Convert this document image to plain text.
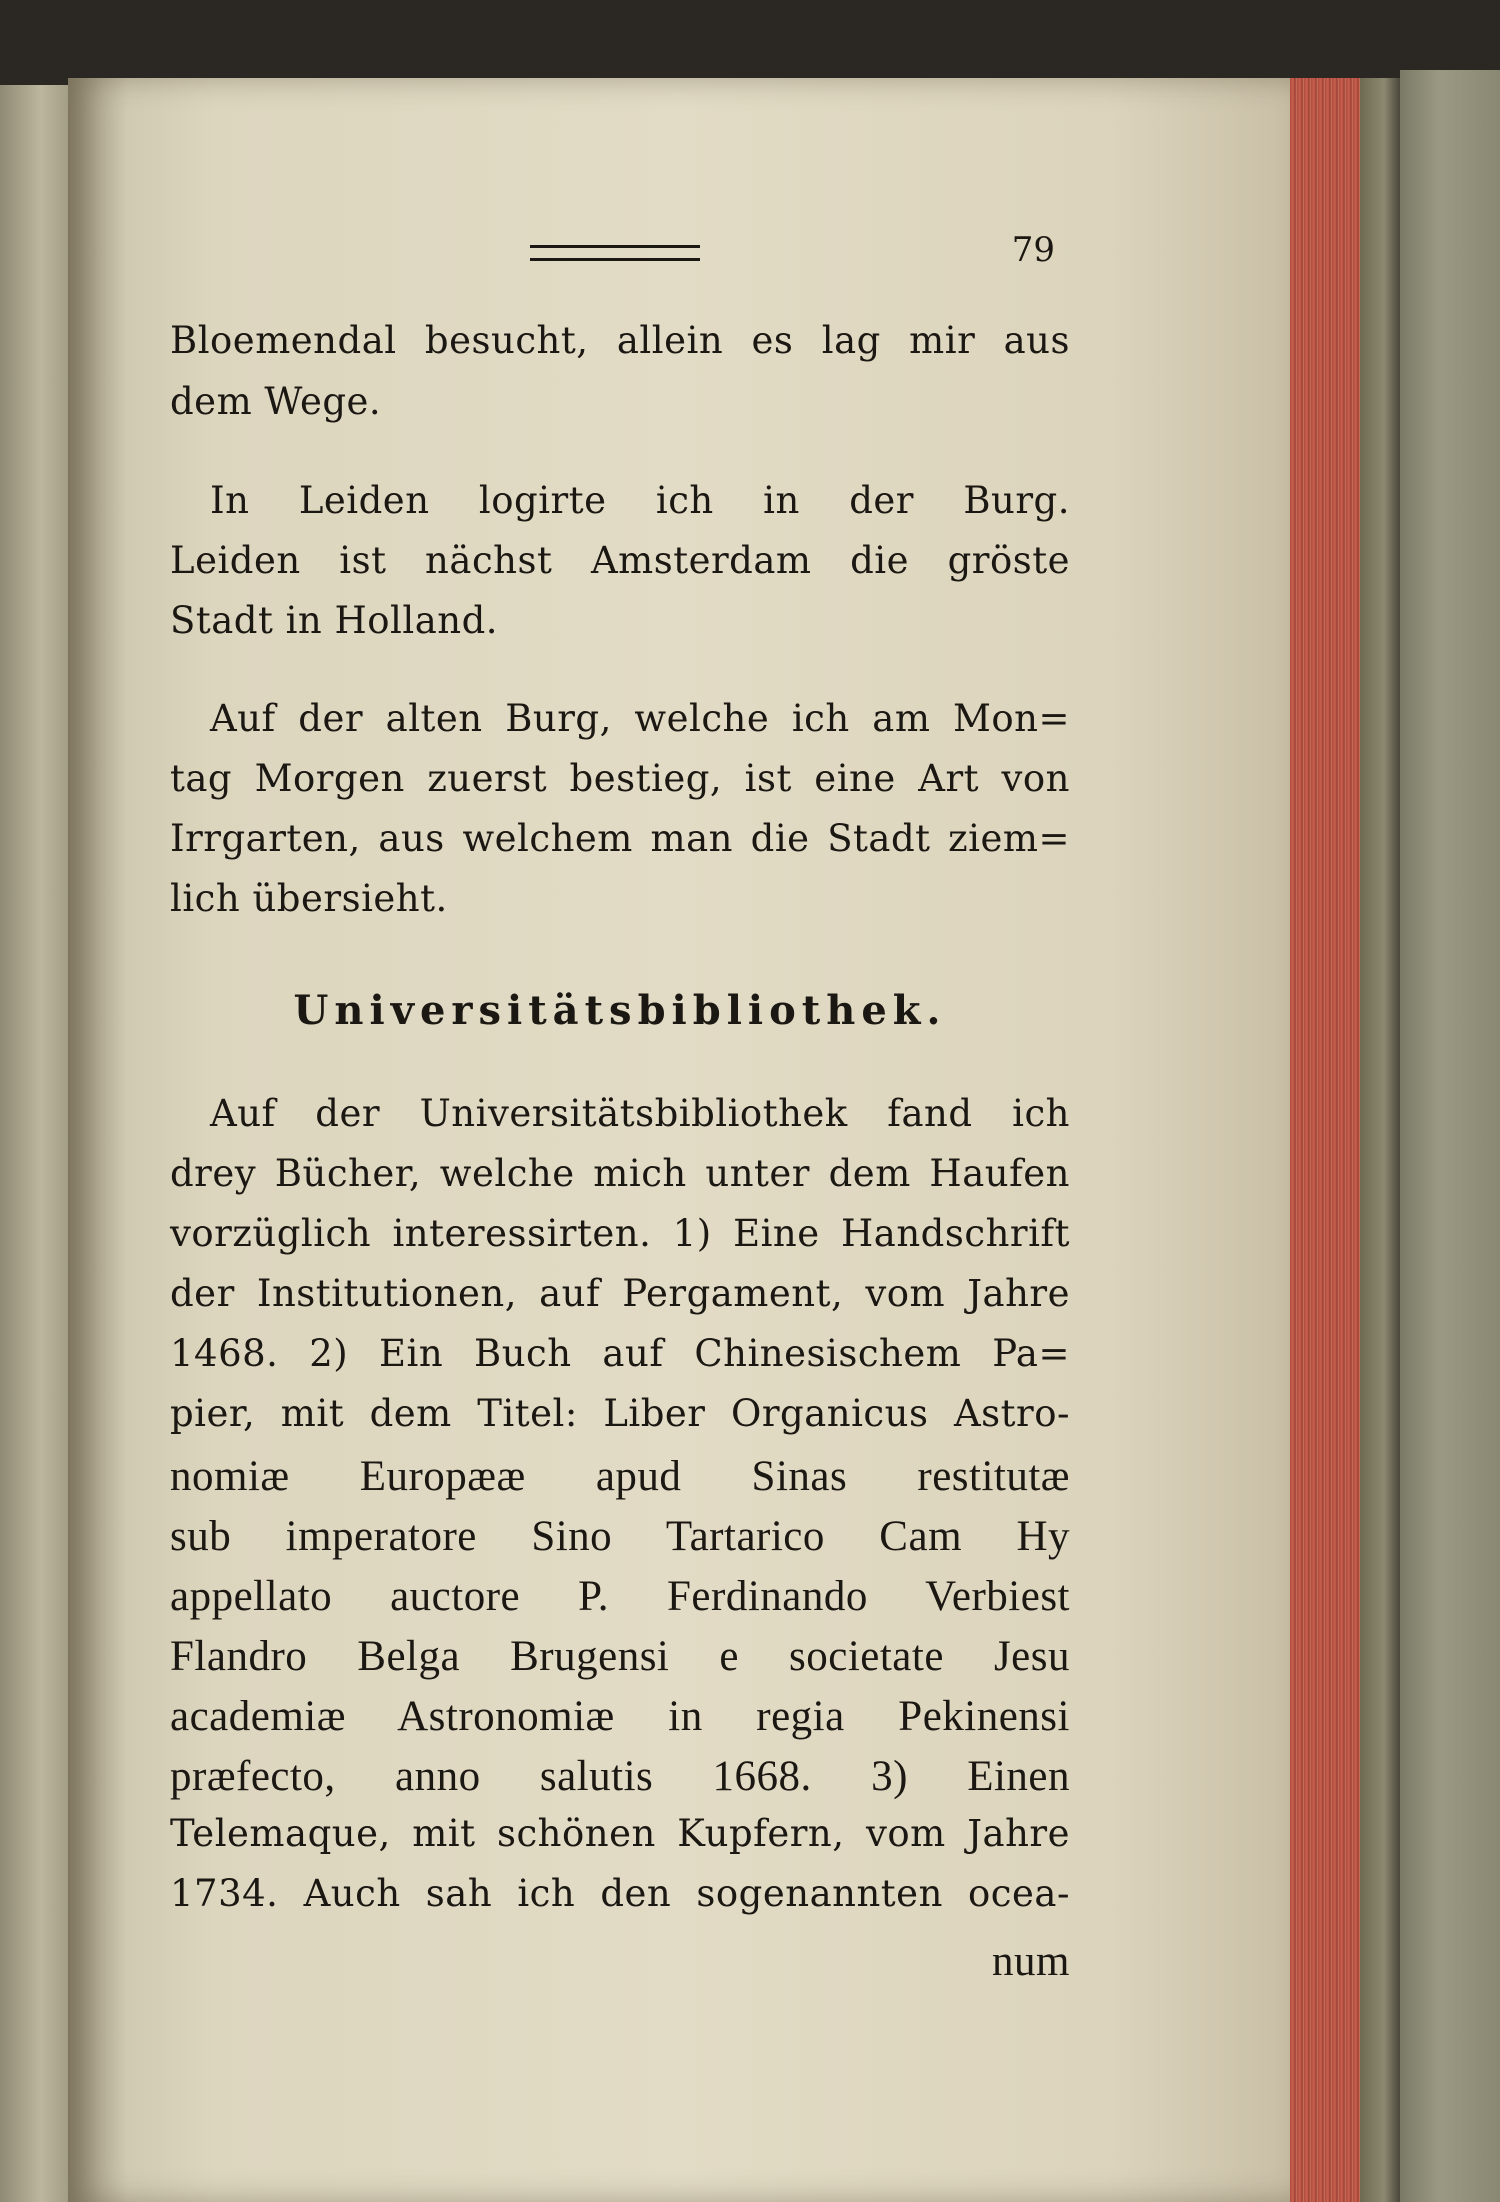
79
Bloemendal besucht, allein es lag mir aus
dem Wege.
In Leiden logirte ich in der Burg.
Leiden ist nächst Amsterdam die gröste
Stadt in Holland.
Auf der alten Burg, welche ich am Mon=
tag Morgen zuerst bestieg, ist eine Art von
Irrgarten, aus welchem man die Stadt ziem=
lich übersieht.
Universitätsbibliothek.
Auf der Universitätsbibliothek fand ich
drey Bücher, welche mich unter dem Haufen
vorzüglich interessirten. 1) Eine Handschrift
der Institutionen, auf Pergament, vom Jahre
1468. 2) Ein Buch auf Chinesischem Pa=
pier, mit dem Titel: Liber Organicus Astro-
nomiæ Europææ apud Sinas restitutæ
sub imperatore Sino Tartarico Cam Hy
appellato auctore P. Ferdinando Verbiest
Flandro Belga Brugensi e societate Jesu
academiæ Astronomiæ in regia Pekinensi
præfecto, anno salutis 1668. 3) Einen
Telemaque, mit schönen Kupfern, vom Jahre
1734. Auch sah ich den sogenannten ocea-
num
